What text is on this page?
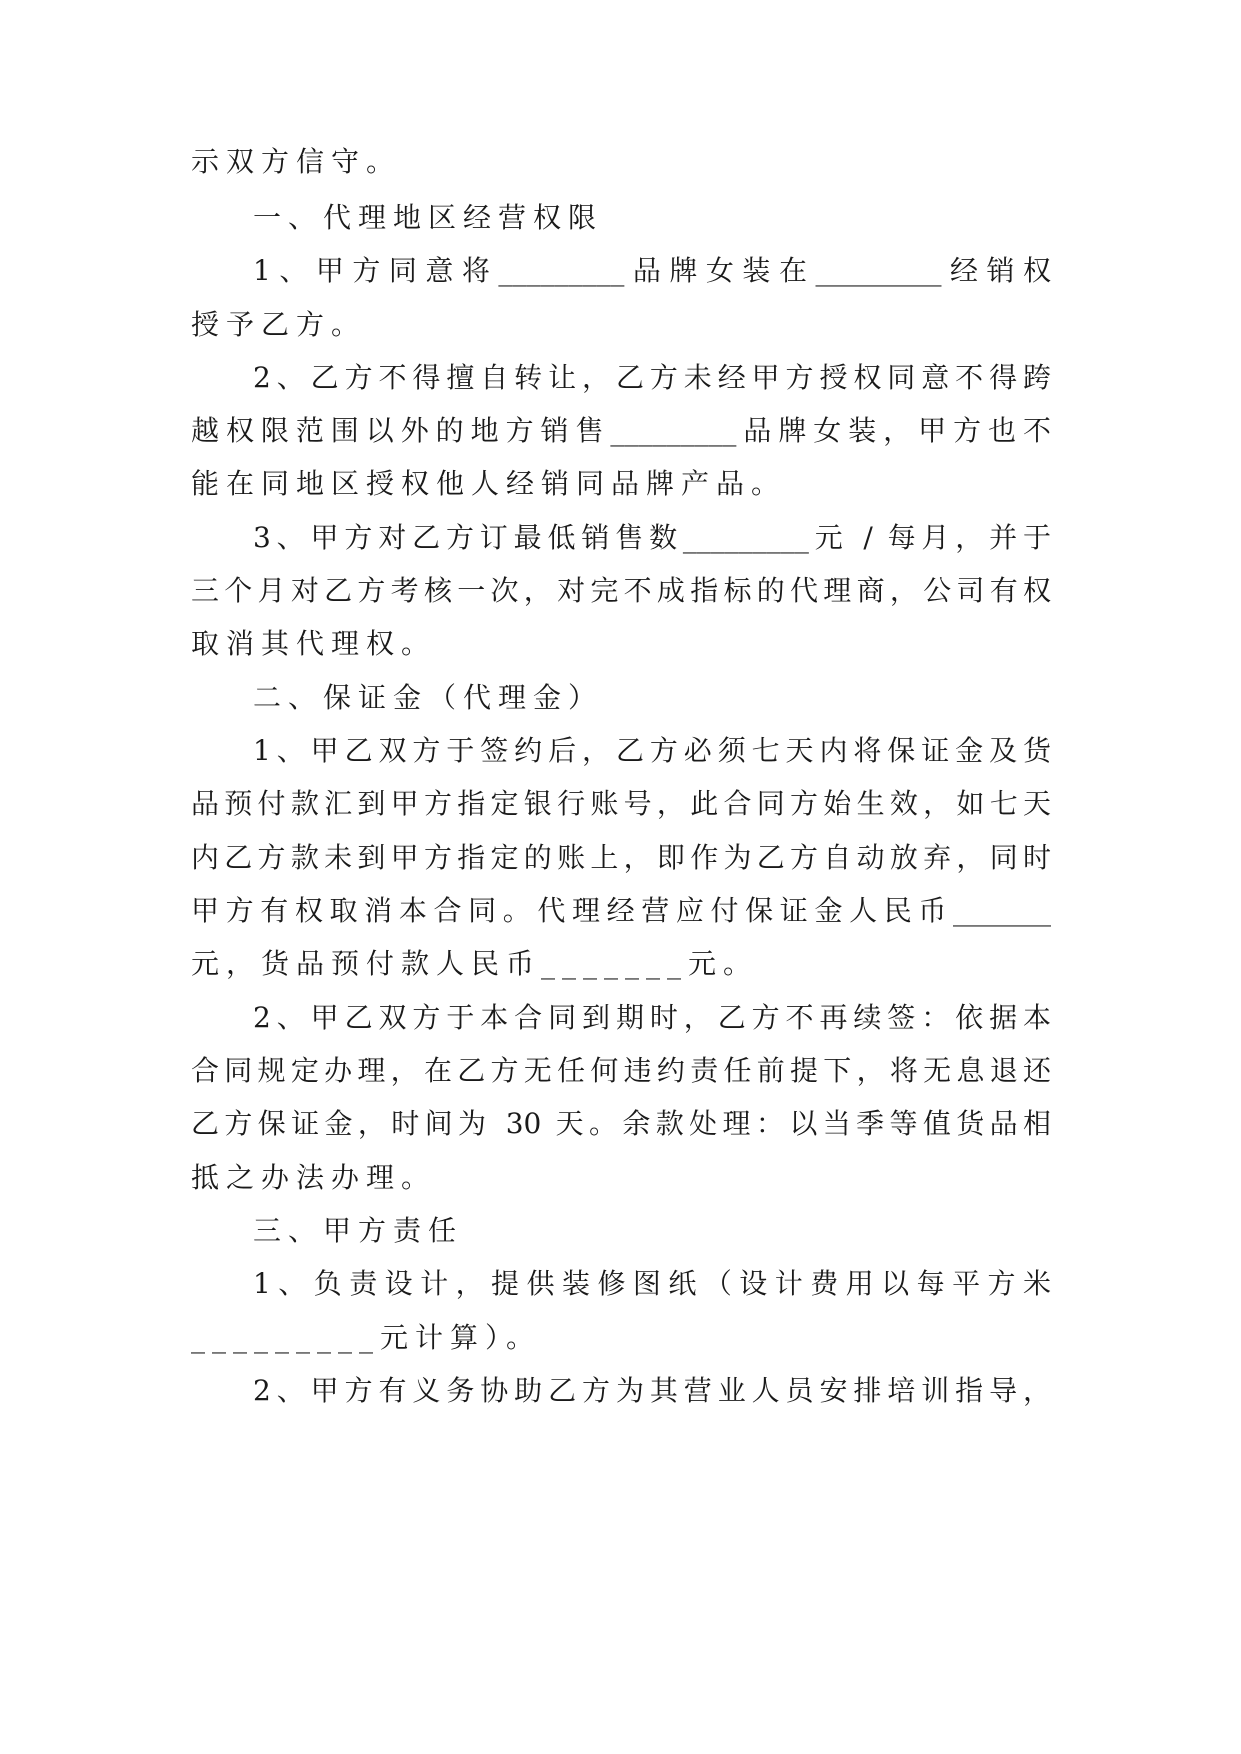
示双方信守。
一、代理地区经营权限
1、甲方同意将_________品牌女装在_________经销权
授予乙方。
2、乙方不得擅自转让，乙方未经甲方授权同意不得跨
越权限范围以外的地方销售_________品牌女装，甲方也不
能在同地区授权他人经销同品牌产品。
3、甲方对乙方订最低销售数_________元 / 每月，并于
三个月对乙方考核一次，对完不成指标的代理商，公司有权
取消其代理权。
二、保证金（代理金）
1、甲乙双方于签约后，乙方必须七天内将保证金及货
品预付款汇到甲方指定银行账号，此合同方始生效，如七天
内乙方款未到甲方指定的账上，即作为乙方自动放弃，同时
甲方有权取消本合同。代理经营应付保证金人民币_______
元，货品预付款人民币_______元。
2、甲乙双方于本合同到期时，乙方不再续签：依据本
合同规定办理，在乙方无任何违约责任前提下，将无息退还
乙方保证金，时间为 30 天。余款处理：以当季等值货品相
抵之办法办理。
三、甲方责任
1、负责设计，提供装修图纸（设计费用以每平方米
_________元计算）。
2、甲方有义务协助乙方为其营业人员安排培训指导，
